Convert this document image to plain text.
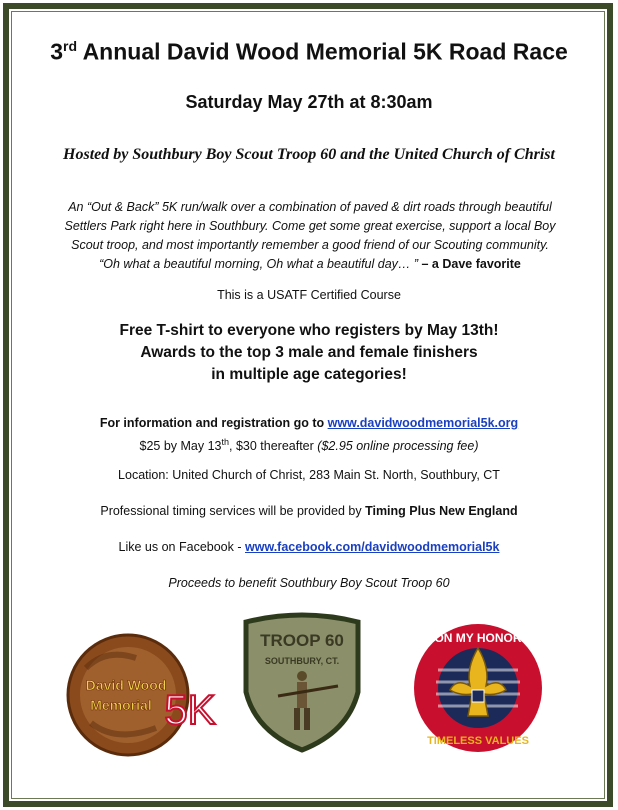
3rd Annual David Wood Memorial 5K Road Race
Saturday May 27th at 8:30am
Hosted by Southbury Boy Scout Troop 60 and the United Church of Christ
An “Out & Back” 5K run/walk over a combination of paved & dirt roads through beautiful
Settlers Park right here in Southbury. Come get some great exercise, support a local Boy
Scout troop, and most importantly remember a good friend of our Scouting community.
“Oh what a beautiful morning, Oh what a beautiful day… ” – a Dave favorite
This is a USATF Certified Course
Free T-shirt to everyone who registers by May 13th!
Awards to the top 3 male and female finishers
in multiple age categories!
For information and registration go to www.davidwoodmemorial5k.org
$25 by May 13th, $30 thereafter ($2.95 online processing fee)
Location: United Church of Christ, 283 Main St. North, Southbury, CT
Professional timing services will be provided by Timing Plus New England
Like us on Facebook - www.facebook.com/davidwoodmemorial5k
Proceeds to benefit Southbury Boy Scout Troop 60
David Wood
Memorial 5K
TROOP 60
SOUTHBURY, CT.
ON MY HONOR
TIMELESS VALUES
